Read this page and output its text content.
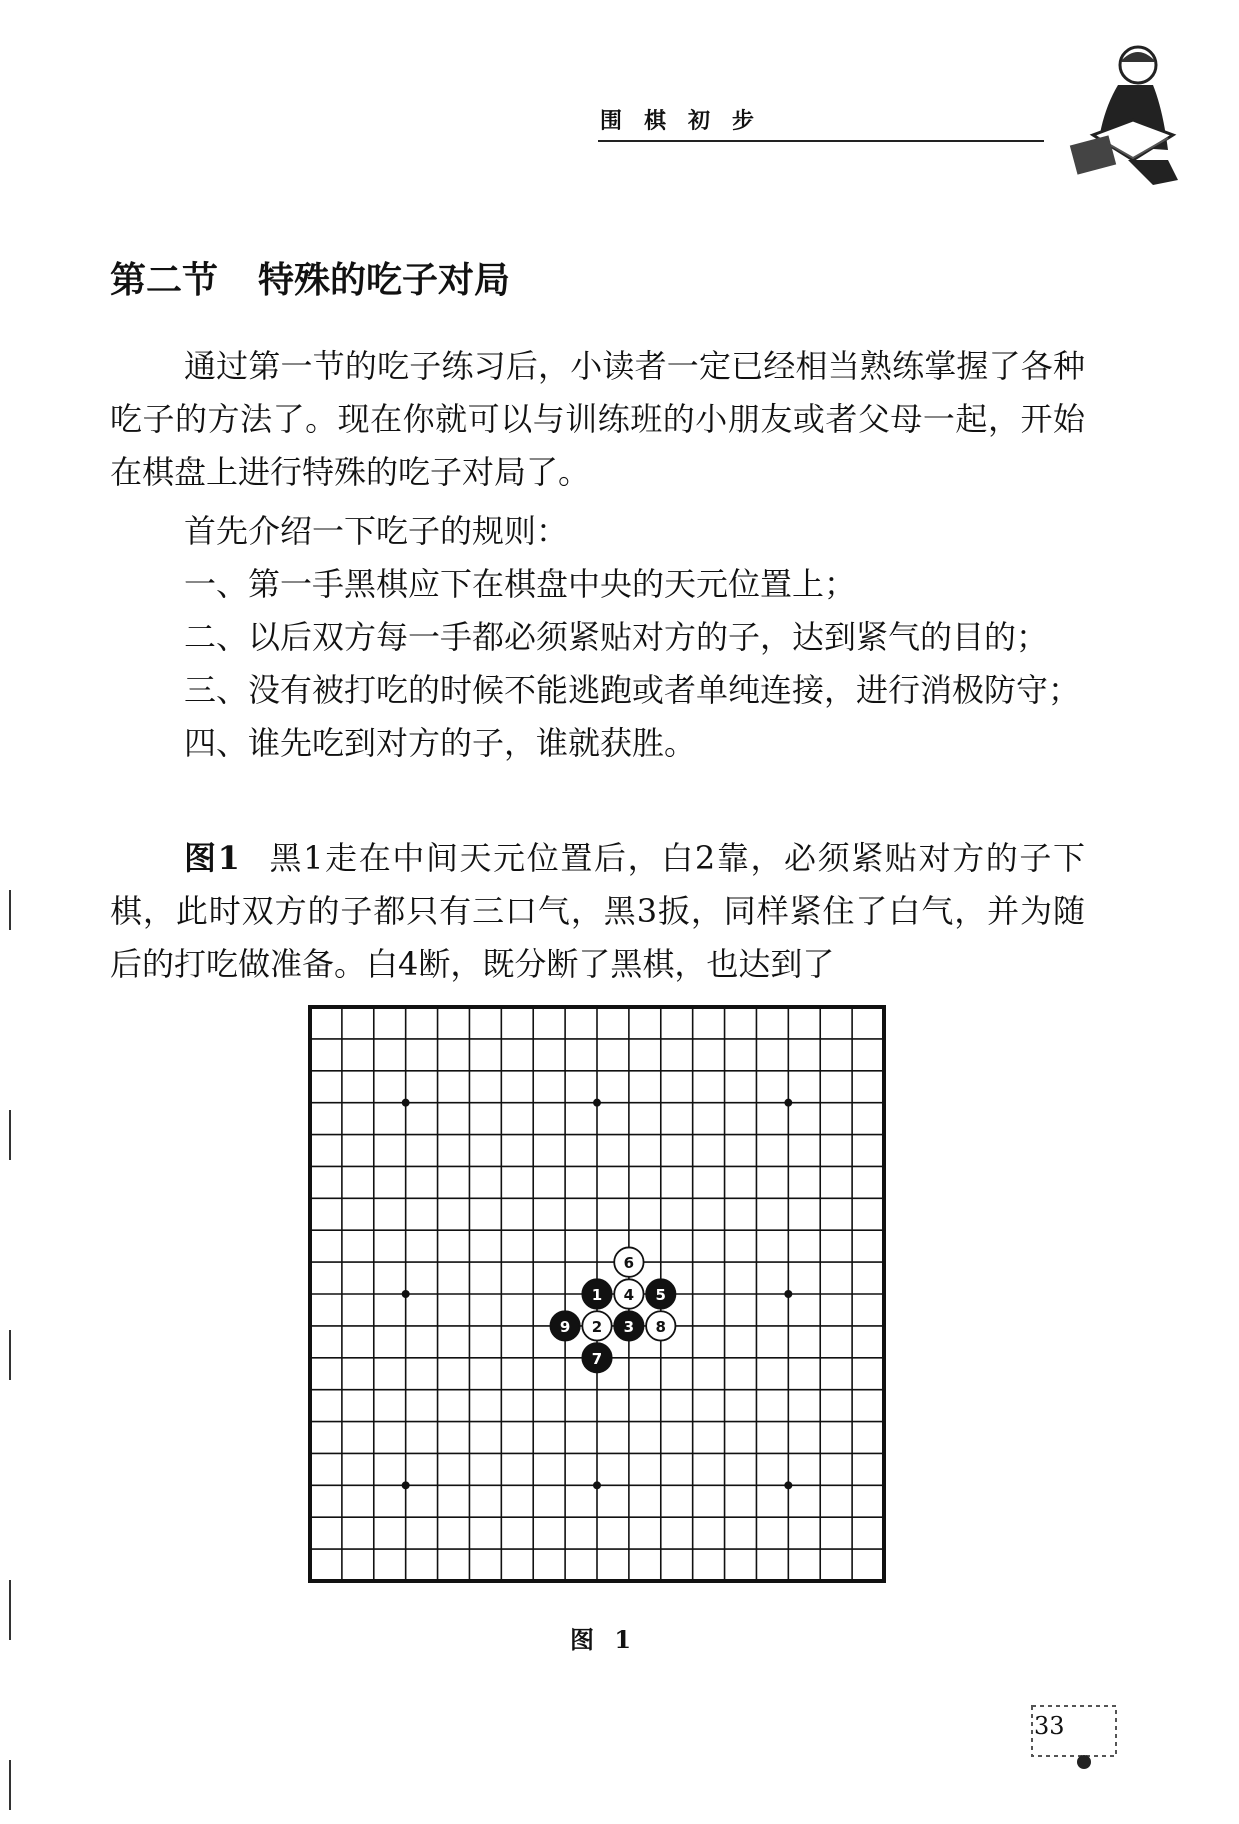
围棋初步
第二节 特殊的吃子对局
通过第一节的吃子练习后，小读者一定已经相当熟练掌握了各种吃子的方法了。现在你就可以与训练班的小朋友或者父母一起，开始在棋盘上进行特殊的吃子对局了。
首先介绍一下吃子的规则：
一、第一手黑棋应下在棋盘中央的天元位置上；
二、以后双方每一手都必须紧贴对方的子，达到紧气的目的；
三、没有被打吃的时候不能逃跑或者单纯连接，进行消极防守；
四、谁先吃到对方的子，谁就获胜。
图1 黑1走在中间天元位置后，白2靠，必须紧贴对方的子下棋，此时双方的子都只有三口气，黑3扳，同样紧住了白气，并为随后的打吃做准备。白4断，既分断了黑棋，也达到了
1
2 3
4 5
6
7
8
9
图 1
33
